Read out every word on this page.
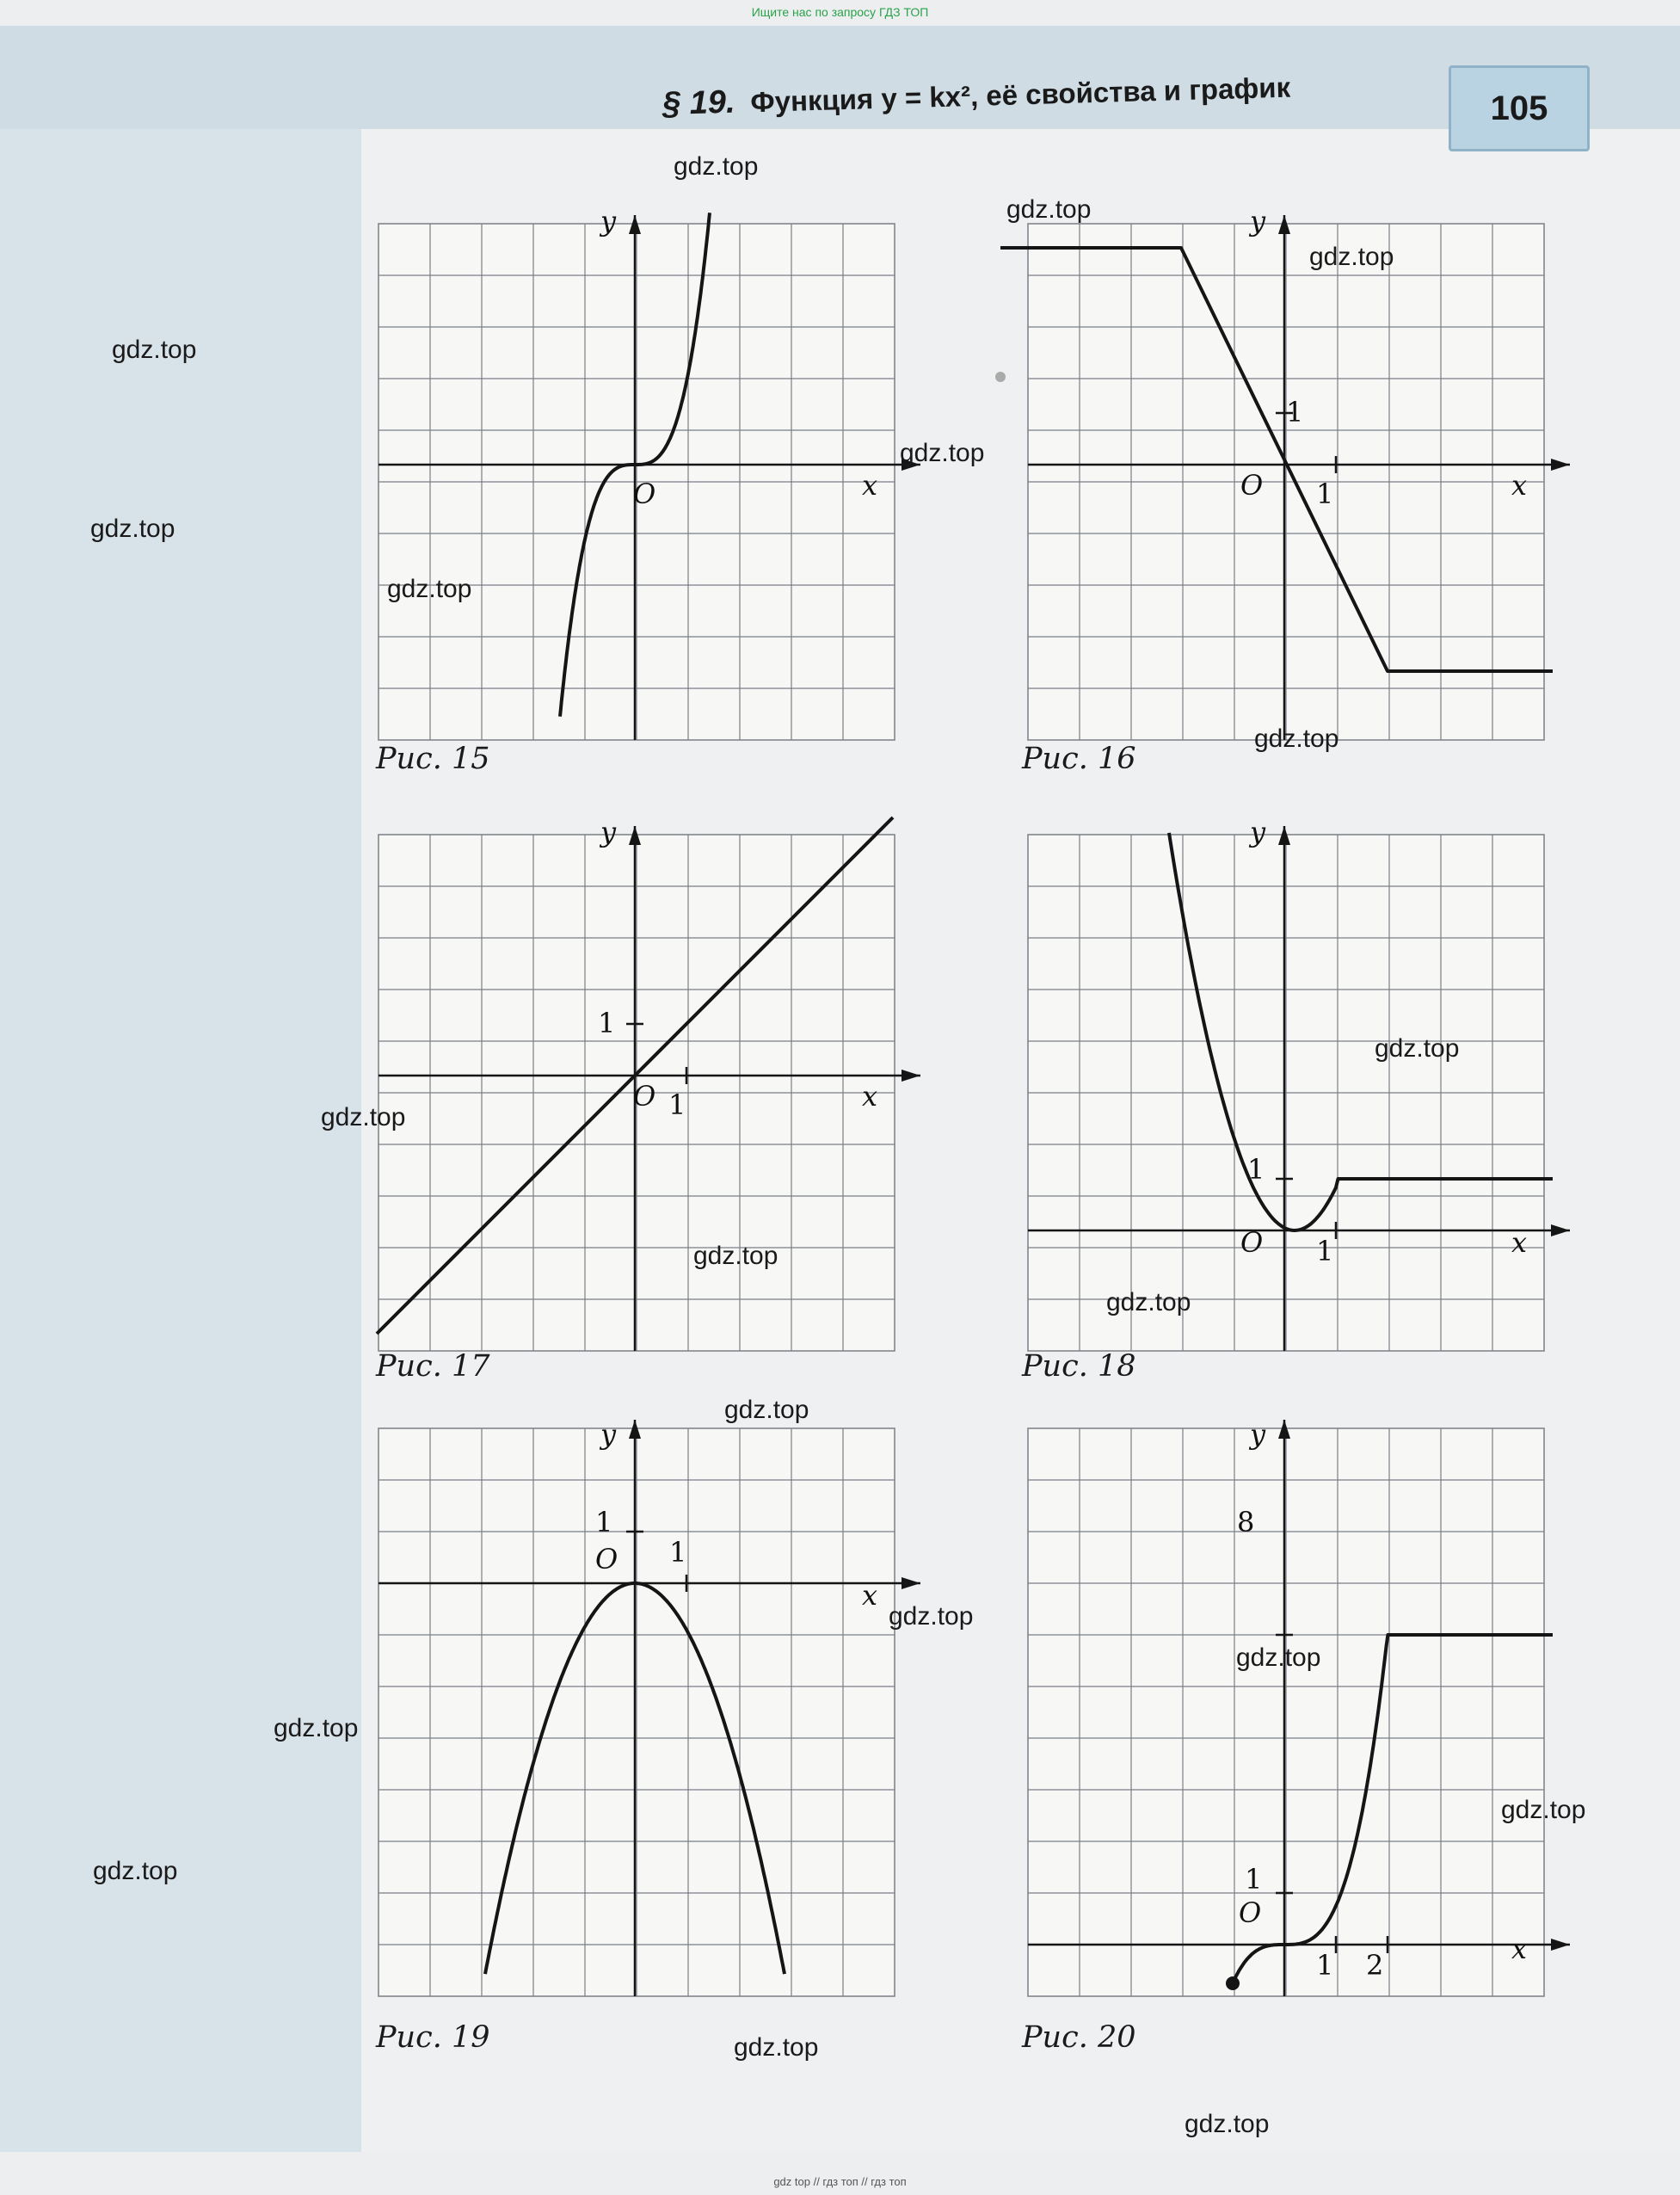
Ищите нас по запросу ГДЗ ТОП
§ 19. Функция y = kx², её свойства и график	105
y
x
O
Рис. 15
y
x
O 1
1
Рис. 16
y
x
O 1
1
Рис. 17
y
x
O 1
1
Рис. 18
y
x
O 1
1
Рис. 19
y
x
O
1 2
1
8
Рис. 20
gdz.top
gdz.top
gdz.top
gdz.top
gdz.top
gdz.top
gdz.top
gdz.top
gdz.top
gdz.top
gdz.top
gdz.top
gdz.top
gdz.top
gdz.top
gdz.top
gdz.top
gdz.top
gdz.top
gdz.top
gdz top // гдз топ // гдз топ
